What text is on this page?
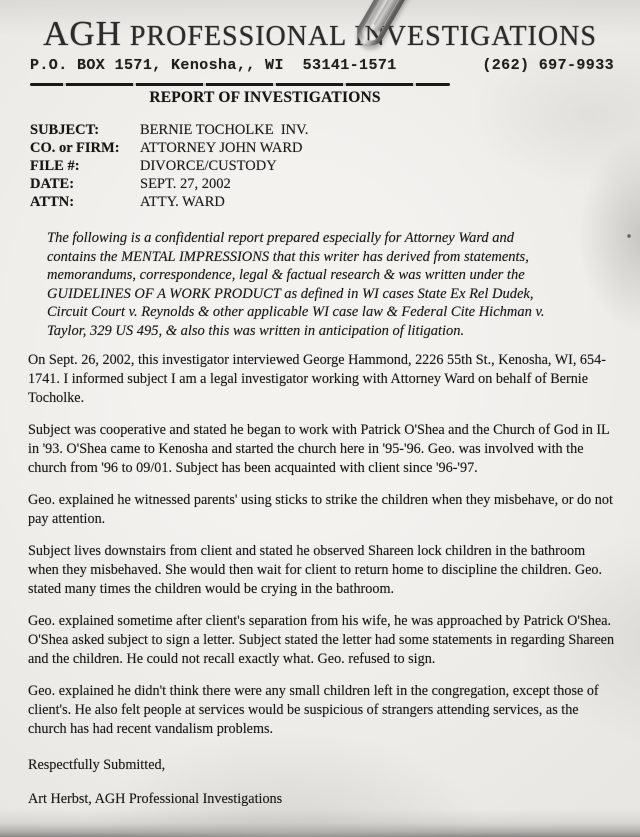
AGH PROFESSIONAL INVESTIGATIONS
P.O. BOX 1571, Kenosha,, WI  53141-1571	(262) 697-9933
REPORT OF INVESTIGATIONS
SUBJECT:	BERNIE TOCHOLKE  INV.
CO. or FIRM:	ATTORNEY JOHN WARD
FILE #:	DIVORCE/CUSTODY
DATE:	SEPT. 27, 2002
ATTN:	ATTY. WARD
The following is a confidential report prepared especially for Attorney Ward and contains the MENTAL IMPRESSIONS that this writer has derived from statements, memorandums, correspondence, legal & factual research & was written under the GUIDELINES OF A WORK PRODUCT as defined in WI cases State Ex Rel Dudek, Circuit Court v. Reynolds & other applicable WI case law & Federal Cite Hichman v. Taylor, 329 US 495, & also this was written in anticipation of litigation.

On Sept. 26, 2002, this investigator interviewed George Hammond, 2226 55th St., Kenosha, WI, 654-1741. I informed subject I am a legal investigator working with Attorney Ward on behalf of Bernie Tocholke.

Subject was cooperative and stated he began to work with Patrick O'Shea and the Church of God in IL in '93. O'Shea came to Kenosha and started the church here in '95-'96. Geo. was involved with the church from '96 to 09/01. Subject has been acquainted with client since '96-'97.

Geo. explained he witnessed parents' using sticks to strike the children when they misbehave, or do not pay attention.

Subject lives downstairs from client and stated he observed Shareen lock children in the bathroom when they misbehaved. She would then wait for client to return home to discipline the children. Geo. stated many times the children would be crying in the bathroom.

Geo. explained sometime after client's separation from his wife, he was approached by Patrick O'Shea. O'Shea asked subject to sign a letter. Subject stated the letter had some statements in regarding Shareen and the children. He could not recall exactly what. Geo. refused to sign.

Geo. explained he didn't think there were any small children left in the congregation, except those of client's. He also felt people at services would be suspicious of strangers attending services, as the church has had recent vandalism problems.

Respectfully Submitted,
Art Herbst, AGH Professional Investigations
